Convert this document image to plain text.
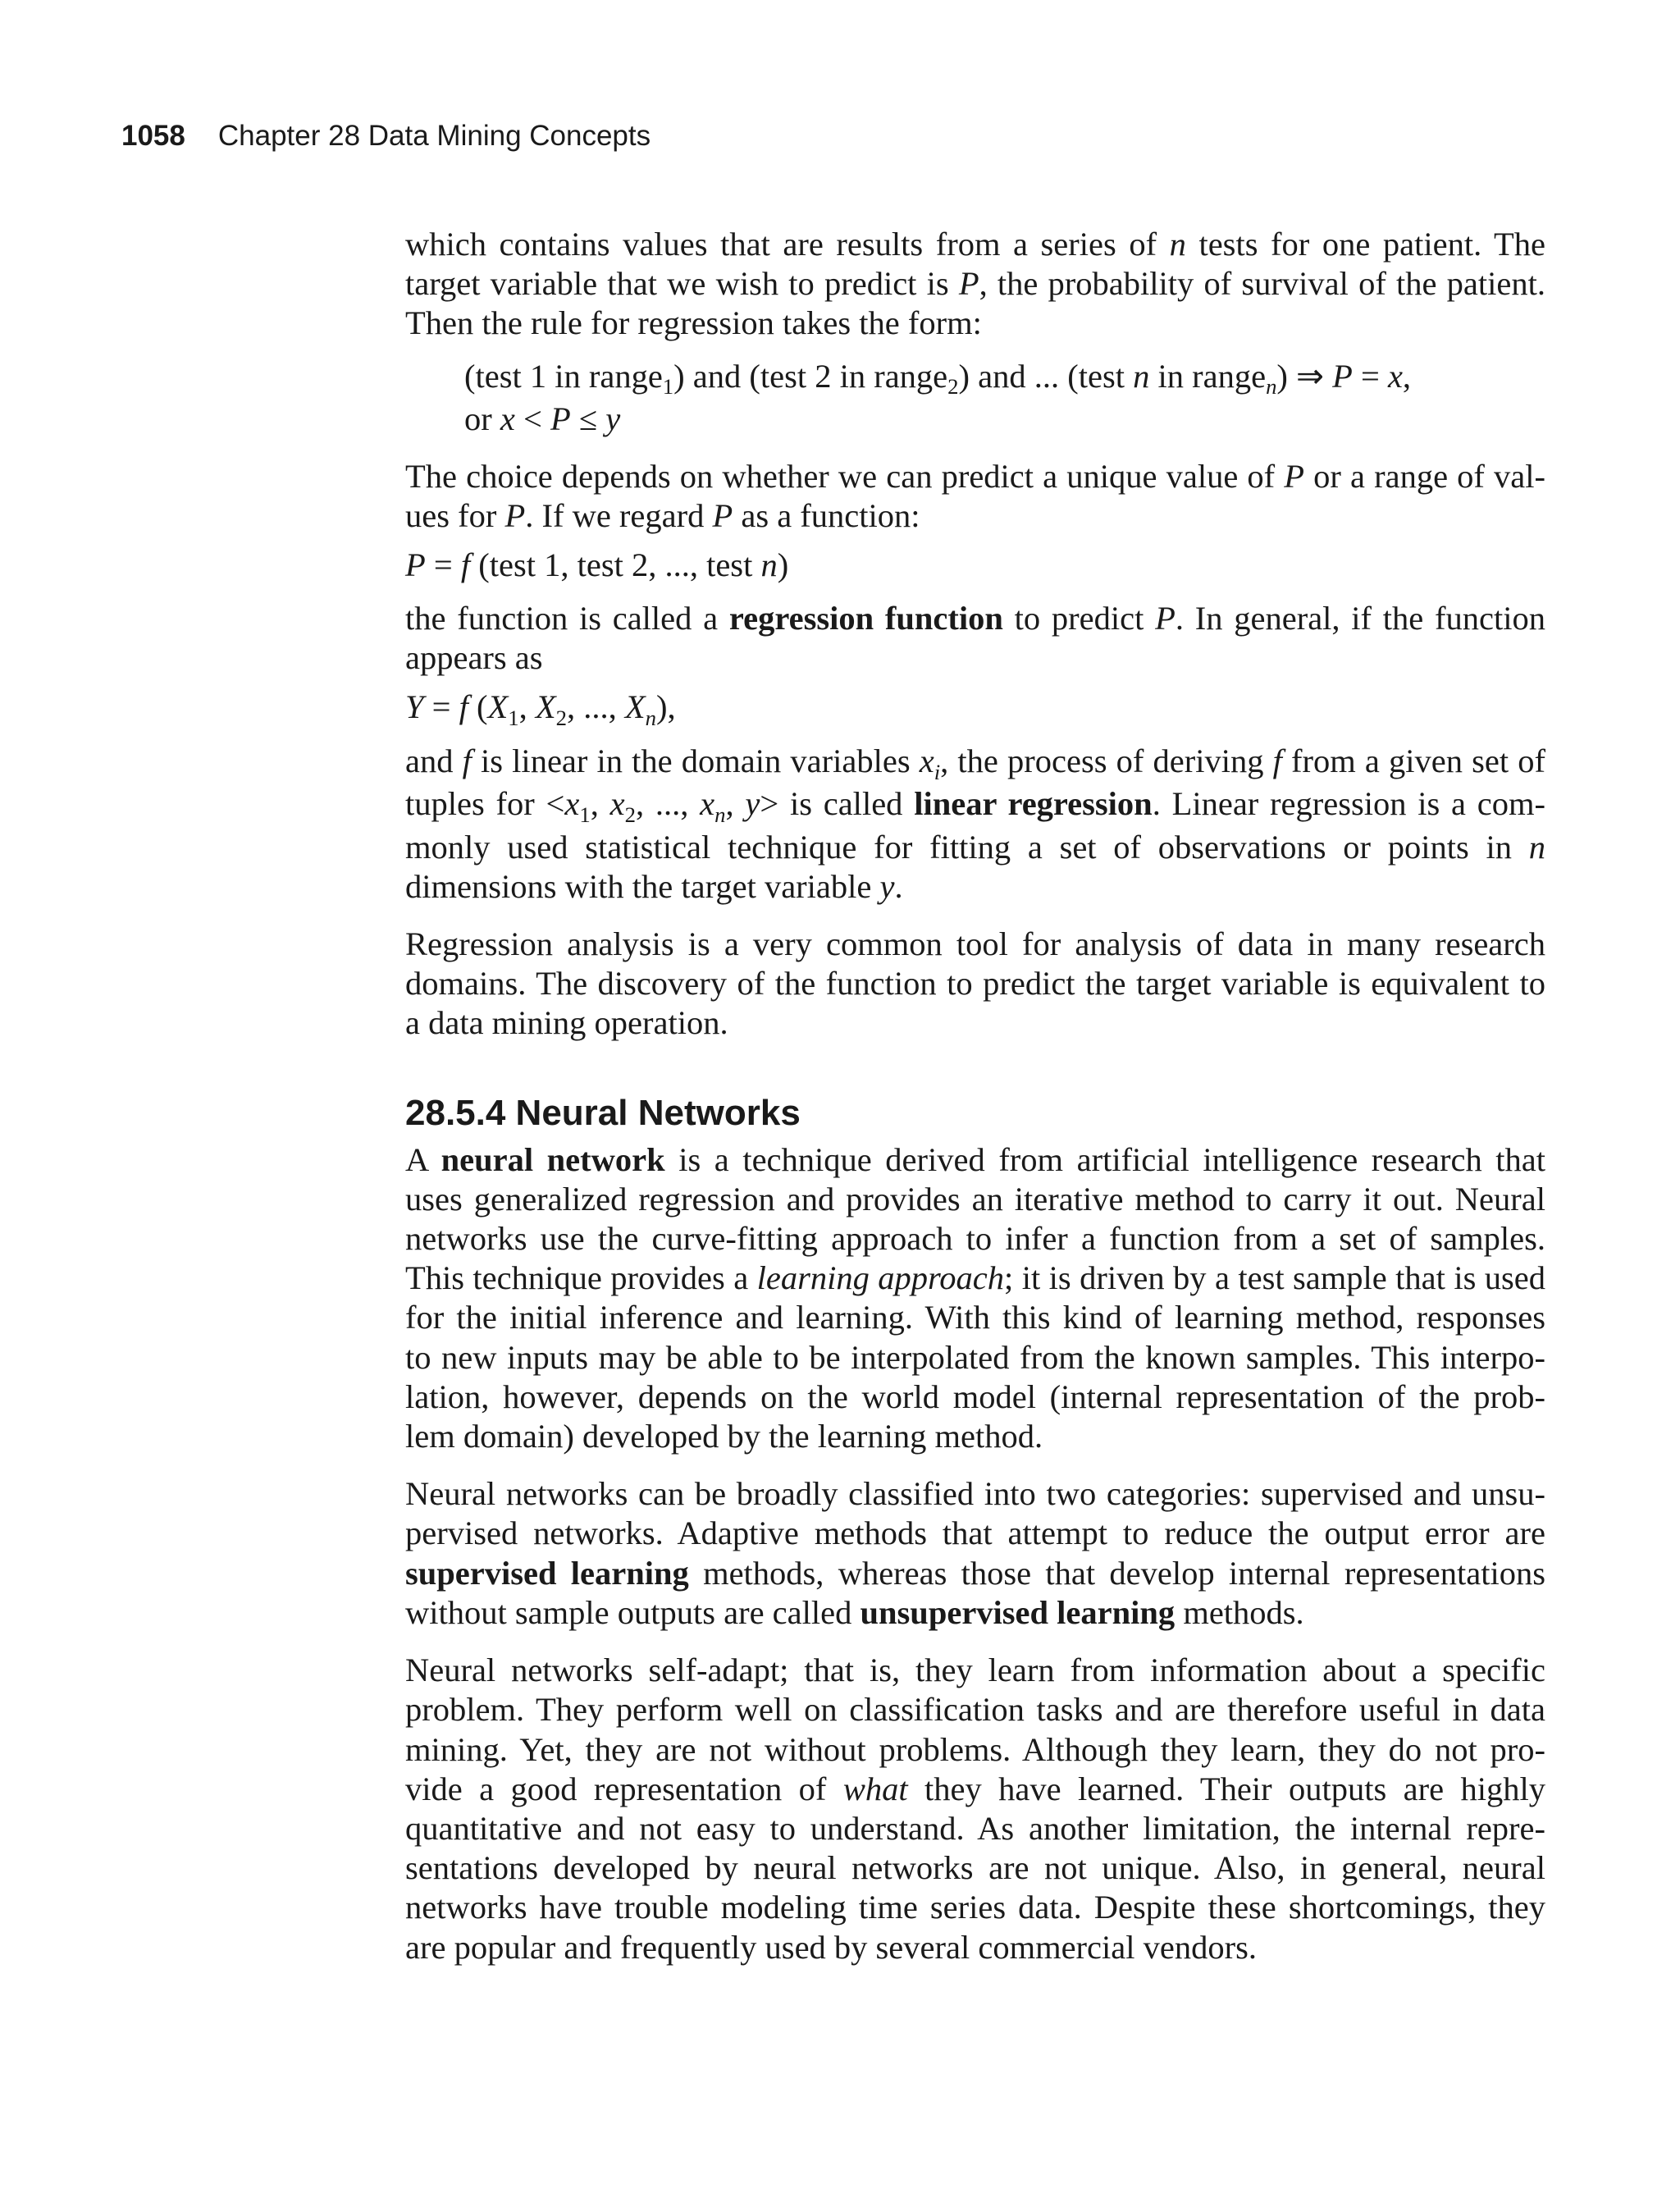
1058 Chapter 28 Data Mining Concepts

which contains values that are results from a series of n tests for one patient. The

target variable that we wish to predict is P, the probability of survival of the patient.

Then the rule for regression takes the form:

(test 1 in range$_1$) and (test 2 in range$_2$) and ... (test n in range$_n$) ⇒ P = x,

or x < P ≤ y

The choice depends on whether we can predict a unique value of P or a range of val-

ues for P. If we regard P as a function:

P = f (test 1, test 2, ..., test n)

the function is called a regression function to predict P. In general, if the function

appears as

Y = f ($X_1$, $X_2$, ..., $X_n$),

and f is linear in the domain variables $x_i$, the process of deriving f from a given set of

tuples for $<x_1$, $x_2$, ..., $x_n$, y> is called linear regression. Linear regression is a com-

monly used statistical technique for fitting a set of observations or points in n

dimensions with the target variable y.

Regression analysis is a very common tool for analysis of data in many research

domains. The discovery of the function to predict the target variable is equivalent to

a data mining operation.

28.5.4 Neural Networks

A neural network is a technique derived from artificial intelligence research that

uses generalized regression and provides an iterative method to carry it out. Neural

networks use the curve-fitting approach to infer a function from a set of samples.

This technique provides a learning approach; it is driven by a test sample that is used

for the initial inference and learning. With this kind of learning method, responses

to new inputs may be able to be interpolated from the known samples. This interpo-

lation, however, depends on the world model (internal representation of the prob-

lem domain) developed by the learning method.

Neural networks can be broadly classified into two categories: supervised and unsu-

pervised networks. Adaptive methods that attempt to reduce the output error are

supervised learning methods, whereas those that develop internal representations

without sample outputs are called unsupervised learning methods.

Neural networks self-adapt; that is, they learn from information about a specific

problem. They perform well on classification tasks and are therefore useful in data

mining. Yet, they are not without problems. Although they learn, they do not pro-

vide a good representation of what they have learned. Their outputs are highly

quantitative and not easy to understand. As another limitation, the internal repre-

sentations developed by neural networks are not unique. Also, in general, neural

networks have trouble modeling time series data. Despite these shortcomings, they

are popular and frequently used by several commercial vendors.
